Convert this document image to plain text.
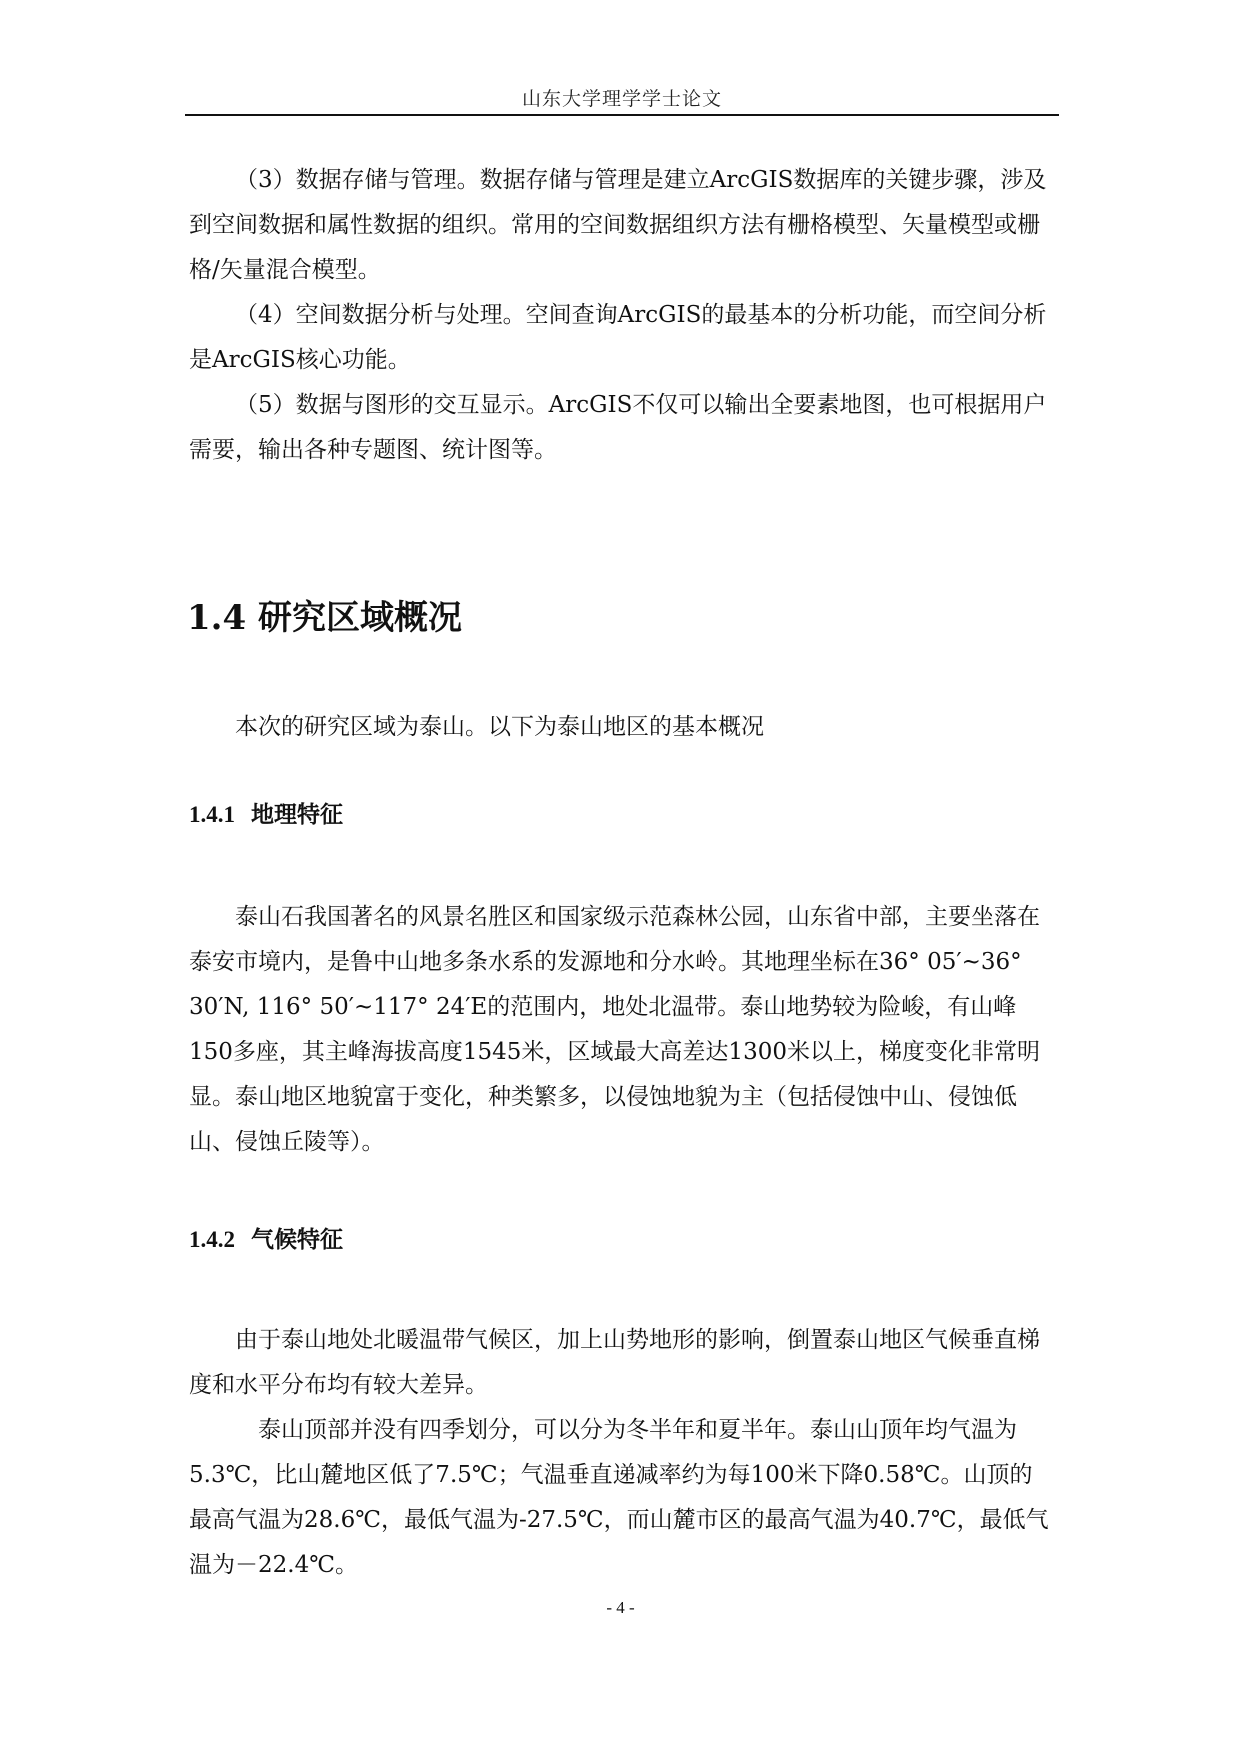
山东大学理学学士论文

（3）数据存储与管理。数据存储与管理是建立ArcGIS数据库的关键步骤，涉及到空间数据和属性数据的组织。常用的空间数据组织方法有栅格模型、矢量模型或栅格/矢量混合模型。

（4）空间数据分析与处理。空间查询ArcGIS的最基本的分析功能，而空间分析是ArcGIS核心功能。

（5）数据与图形的交互显示。ArcGIS不仅可以输出全要素地图，也可根据用户需要，输出各种专题图、统计图等。

1.4 研究区域概况

本次的研究区域为泰山。以下为泰山地区的基本概况

1.4.1 地理特征

泰山石我国著名的风景名胜区和国家级示范森林公园，山东省中部，主要坐落在泰安市境内，是鲁中山地多条水系的发源地和分水岭。其地理坐标在36° 05′~36° 30′N, 116° 50′~117° 24′E的范围内，地处北温带。泰山地势较为险峻，有山峰150多座，其主峰海拔高度1545米，区域最大高差达1300米以上，梯度变化非常明显。泰山地区地貌富于变化，种类繁多，以侵蚀地貌为主（包括侵蚀中山、侵蚀低山、侵蚀丘陵等）。

1.4.2 气候特征

由于泰山地处北暖温带气候区，加上山势地形的影响，倒置泰山地区气候垂直梯度和水平分布均有较大差异。

泰山顶部并没有四季划分，可以分为冬半年和夏半年。泰山山顶年均气温为5.3℃，比山麓地区低了7.5℃；气温垂直递减率约为每100米下降0.58℃。山顶的最高气温为28.6℃，最低气温为-27.5℃，而山麓市区的最高气温为40.7℃，最低气温为－22.4℃。

- 4 -
